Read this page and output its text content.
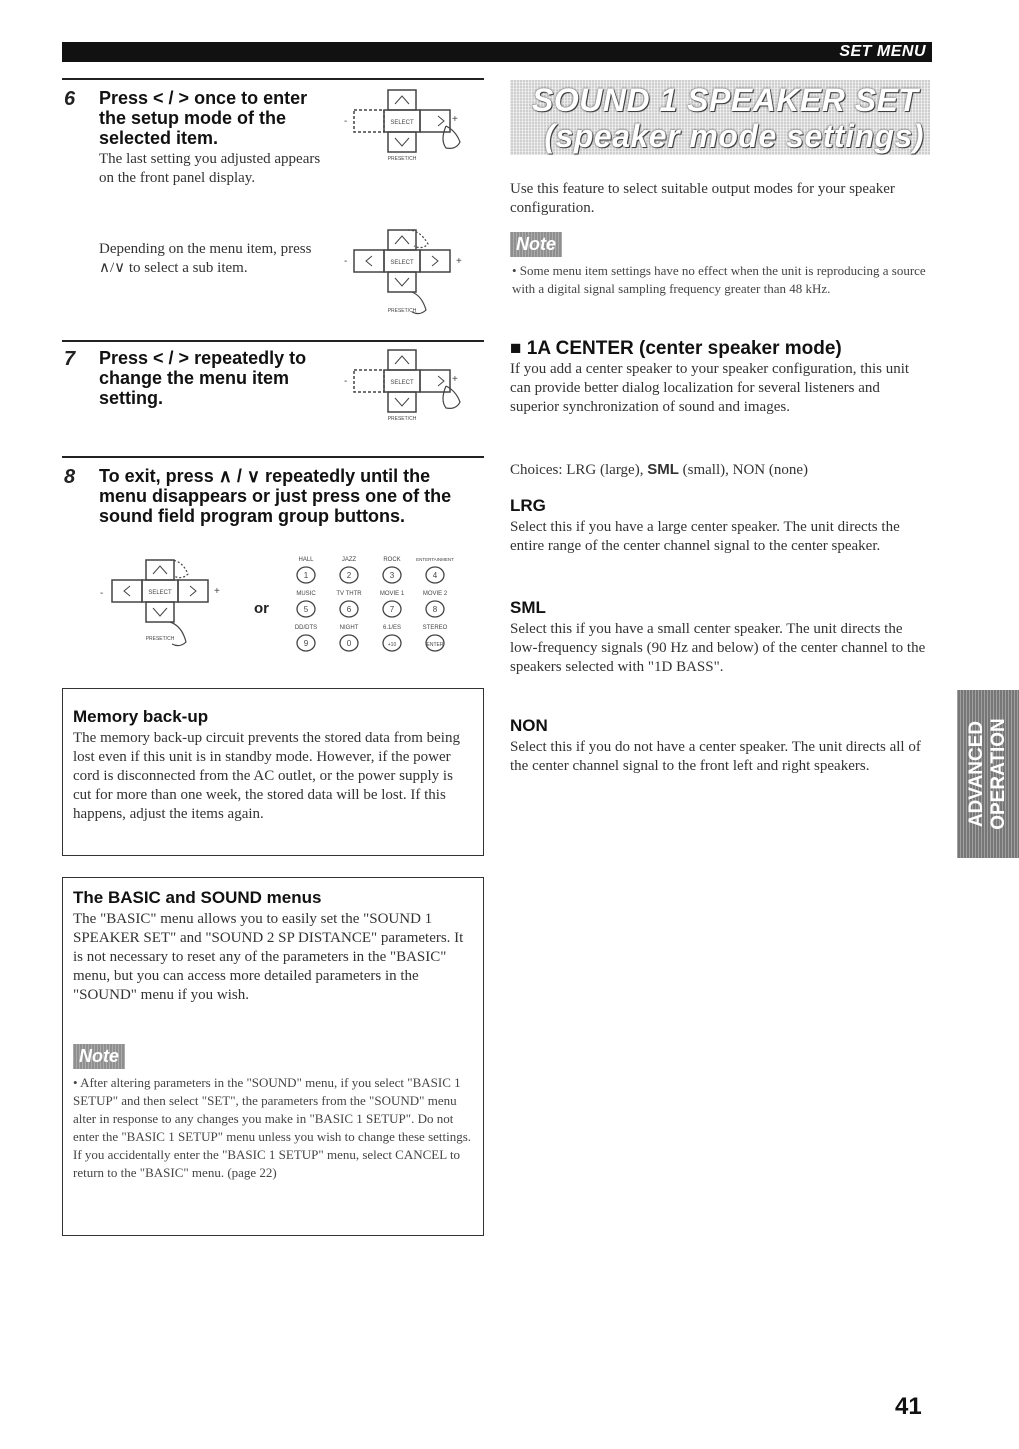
SET MENU
6 Press < / > once to enter the setup mode of the selected item.
The last setting you adjusted appears on the front panel display.
Depending on the menu item, press ∧/∨ to select a sub item.
SELECT
-	+
PRESET/CH
SELECT
-	+
PRESET/CH
7 Press < / > repeatedly to change the menu item setting.
SELECT
-	+
PRESET/CH
8 To exit, press ∧ / ∨ repeatedly until the menu disappears or just press one of the sound field program group buttons.
SELECT
-	+
PRESET/CH
or
HALL
1
JAZZ
2
ROCK
3
ENTERTAINMENT
4
MUSIC
5
TV THTR
6
MOVIE 1
7
MOVIE 2
8
DD/DTS
9
NIGHT
0
6.1/ES
+10
STEREO
ENTER
Memory back-up
The memory back-up circuit prevents the stored data from being lost even if this unit is in standby mode. However, if the power cord is disconnected from the AC outlet, or the power supply is cut for more than one week, the stored data will be lost. If this happens, adjust the items again.
The BASIC and SOUND menus
The "BASIC" menu allows you to easily set the "SOUND 1 SPEAKER SET" and "SOUND 2 SP DISTANCE" parameters. It is not necessary to reset any of the parameters in the "BASIC" menu, but you can access more detailed parameters in the "SOUND" menu if you wish.
Note
• After altering parameters in the "SOUND" menu, if you select "BASIC 1 SETUP" and then select "SET", the parameters from the "SOUND" menu alter in response to any changes you make in "BASIC 1 SETUP". Do not enter the "BASIC 1 SETUP" menu unless you wish to change these settings. If you accidentally enter the "BASIC 1 SETUP" menu, select CANCEL to return to the "BASIC" menu. (page 22)
SOUND 1 SPEAKER SET
(speaker mode settings)
Use this feature to select suitable output modes for your speaker configuration.
Note
• Some menu item settings have no effect when the unit is reproducing a source with a digital signal sampling frequency greater than 48 kHz.
■ 1A CENTER (center speaker mode)
If you add a center speaker to your speaker configuration, this unit can provide better dialog localization for several listeners and superior synchronization of sound and images.
Choices: LRG (large), SML (small), NON (none)
LRG
Select this if you have a large center speaker. The unit directs the entire range of the center channel signal to the center speaker.
SML
Select this if you have a small center speaker. The unit directs the low-frequency signals (90 Hz and below) of the center channel to the speakers selected with "1D BASS".
NON
Select this if you do not have a center speaker. The unit directs all of the center channel signal to the front left and right speakers.	ADVANCED OPERATION
41
